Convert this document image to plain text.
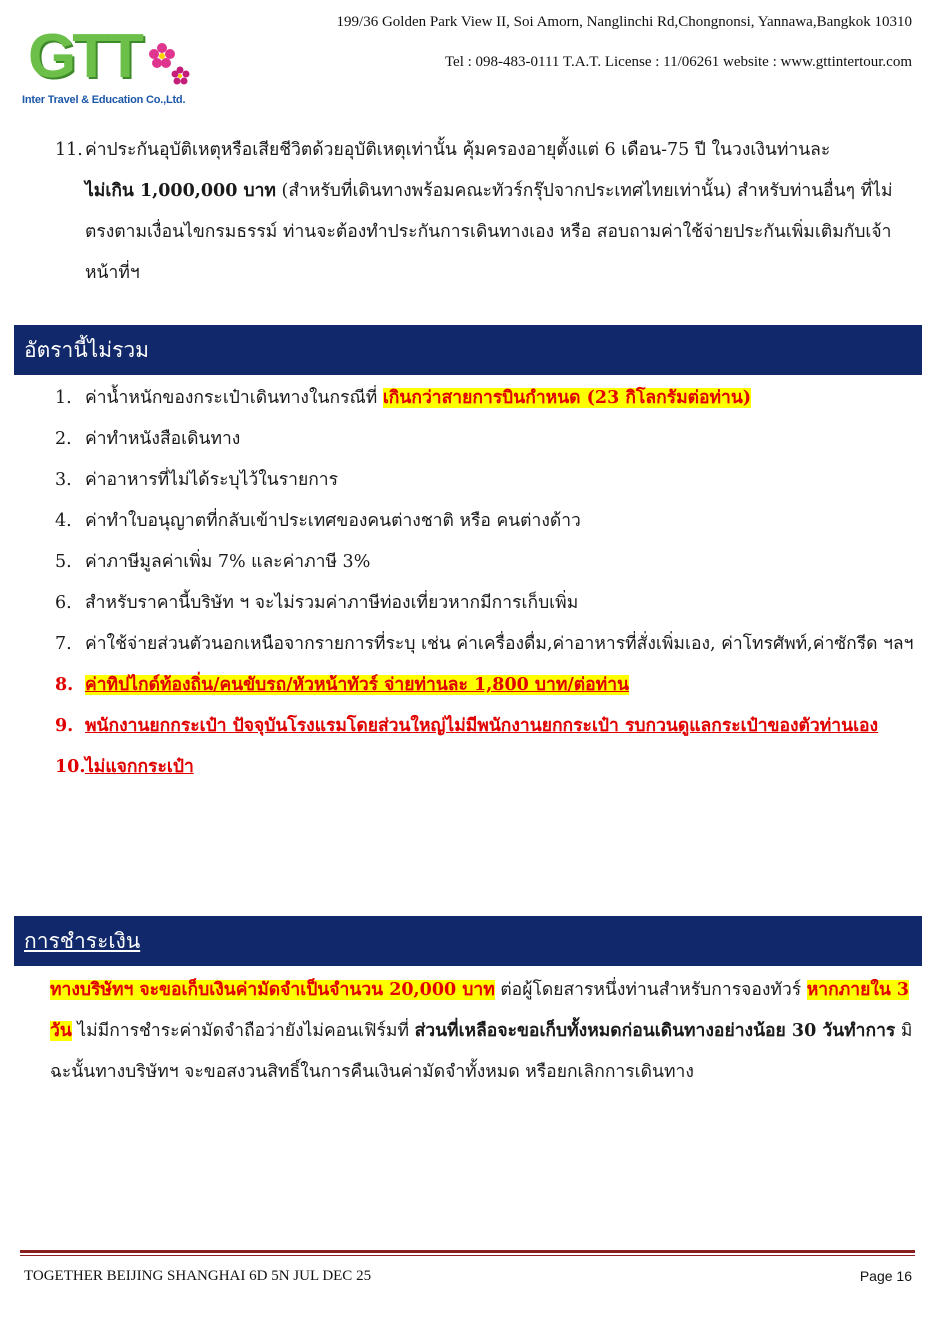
GTT
Inter Travel & Education Co.,Ltd.
199/36 Golden Park View II, Soi Amorn, Nanglinchi Rd,Chongnonsi, Yannawa,Bangkok 10310
Tel : 098-483-0111 T.A.T. License : 11/06261 website : www.gttintertour.com
11. ค่าประกันอุบัติเหตุหรือเสียชีวิตด้วยอุบัติเหตุเท่านั้น คุ้มครองอายุตั้งแต่ 6 เดือน-75 ปี ในวงเงินท่านละ
ไม่เกิน 1,000,000 บาท (สำหรับที่เดินทางพร้อมคณะทัวร์กรุ๊ปจากประเทศไทยเท่านั้น) สำหรับท่านอื่นๆ ที่ไม่ตรงตามเงื่อนไขกรมธรรม์ ท่านจะต้องทำประกันการเดินทางเอง หรือ สอบถามค่าใช้จ่ายประกันเพิ่มเติมกับเจ้าหน้าที่ฯ
อัตรานี้ไม่รวม
1. ค่าน้ำหนักของกระเป๋าเดินทางในกรณีที่ เกินกว่าสายการบินกำหนด (23 กิโลกรัมต่อท่าน)
2. ค่าทำหนังสือเดินทาง
3. ค่าอาหารที่ไม่ได้ระบุไว้ในรายการ
4. ค่าทำใบอนุญาตที่กลับเข้าประเทศของคนต่างชาติ หรือ คนต่างด้าว
5. ค่าภาษีมูลค่าเพิ่ม 7% และค่าภาษี 3%
6. สำหรับราคานี้บริษัท ฯ จะไม่รวมค่าภาษีท่องเที่ยวหากมีการเก็บเพิ่ม
7. ค่าใช้จ่ายส่วนตัวนอกเหนือจากรายการที่ระบุ เช่น ค่าเครื่องดื่ม,ค่าอาหารที่สั่งเพิ่มเอง, ค่าโทรศัพท์,ค่าซักรีด ฯลฯ
8. ค่าทิปไกด์ท้องถิ่น/คนขับรถ/หัวหน้าทัวร์ จ่ายท่านละ 1,800 บาท/ต่อท่าน
9. พนักงานยกกระเป๋า ปัจจุบันโรงแรมโดยส่วนใหญ่ไม่มีพนักงานยกกระเป๋า รบกวนดูแลกระเป๋าของตัวท่านเอง
10.ไม่แจกกระเป๋า
การชำระเงิน
ทางบริษัทฯ จะขอเก็บเงินค่ามัดจำเป็นจำนวน 20,000 บาท ต่อผู้โดยสารหนึ่งท่านสำหรับการจองทัวร์ หากภายใน 3 วัน ไม่มีการชำระค่ามัดจำถือว่ายังไม่คอนเฟิร์มที่ ส่วนที่เหลือจะขอเก็บทั้งหมดก่อนเดินทางอย่างน้อย 30 วันทำการ มิฉะนั้นทางบริษัทฯ จะขอสงวนสิทธิ์ในการคืนเงินค่ามัดจำทั้งหมด หรือยกเลิกการเดินทาง
TOGETHER BEIJING SHANGHAI 6D 5N JUL DEC 25	Page 16
